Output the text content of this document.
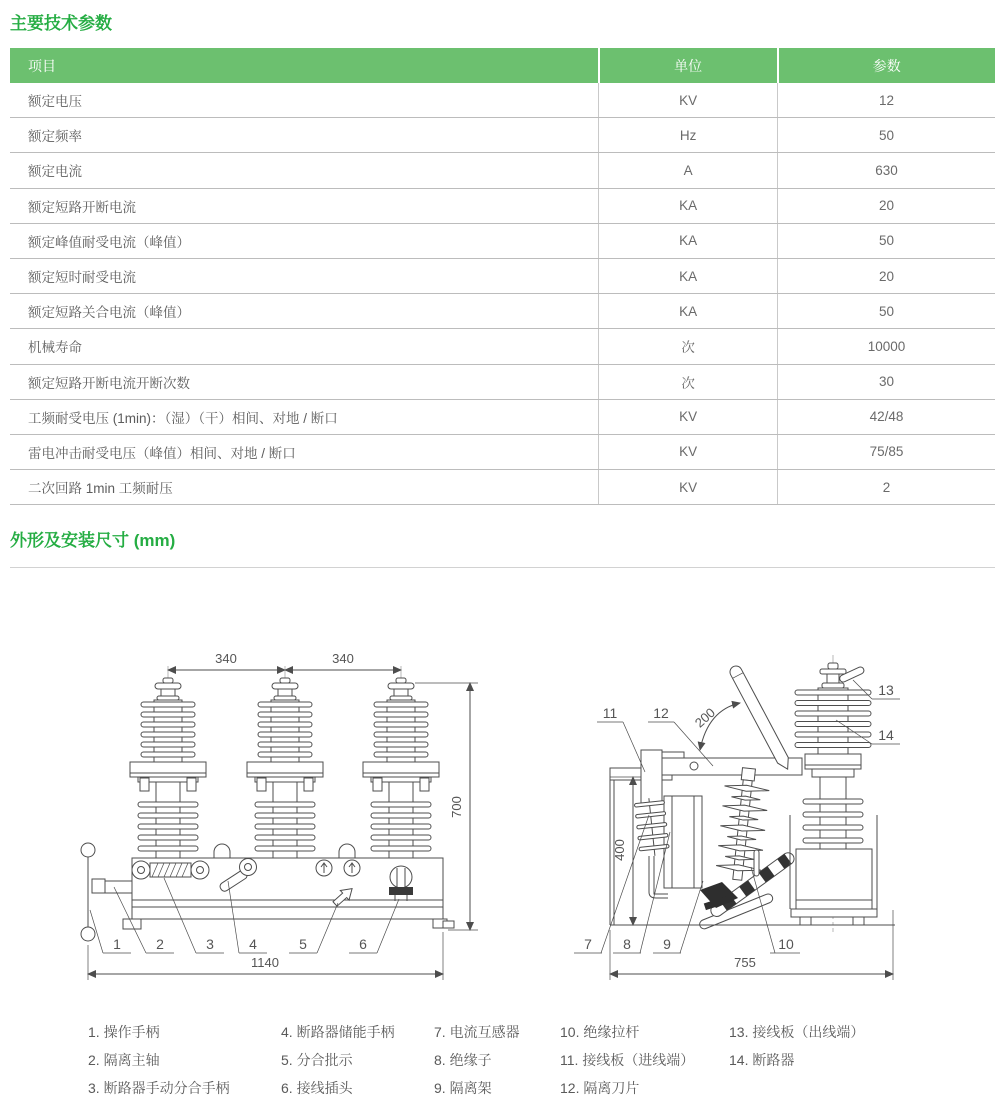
主要技术参数
项目	单位	参数
额定电压	KV	12
额定频率	Hz	50
额定电流	A	630
额定短路开断电流	KA	20
额定峰值耐受电流（峰值）	KA	50
额定短时耐受电流	KA	20
额定短路关合电流（峰值）	KA	50
机械寿命	次	10000
额定短路开断电流开断次数	次	30
工频耐受电压 (1min)：（湿）（干）相间、对地 / 断口	KV	42/48
雷电冲击耐受电压（峰值）相间、对地 / 断口	KV	75/85
二次回路 1min 工频耐压	KV	2
外形及安装尺寸 (mm)
340	340
700
1140
1	2	3	4	5	6
200
400
755
7 8 9	10
11	12
13
14
1. 操作手柄
2. 隔离主轴
3. 断路器手动分合手柄
4. 断路器储能手柄
5. 分合批示
6. 接线插头
7. 电流互感器
8. 绝缘子
9. 隔离架
10. 绝缘拉杆
11. 接线板（进线端）
12. 隔离刀片
13. 接线板（出线端）
14. 断路器
